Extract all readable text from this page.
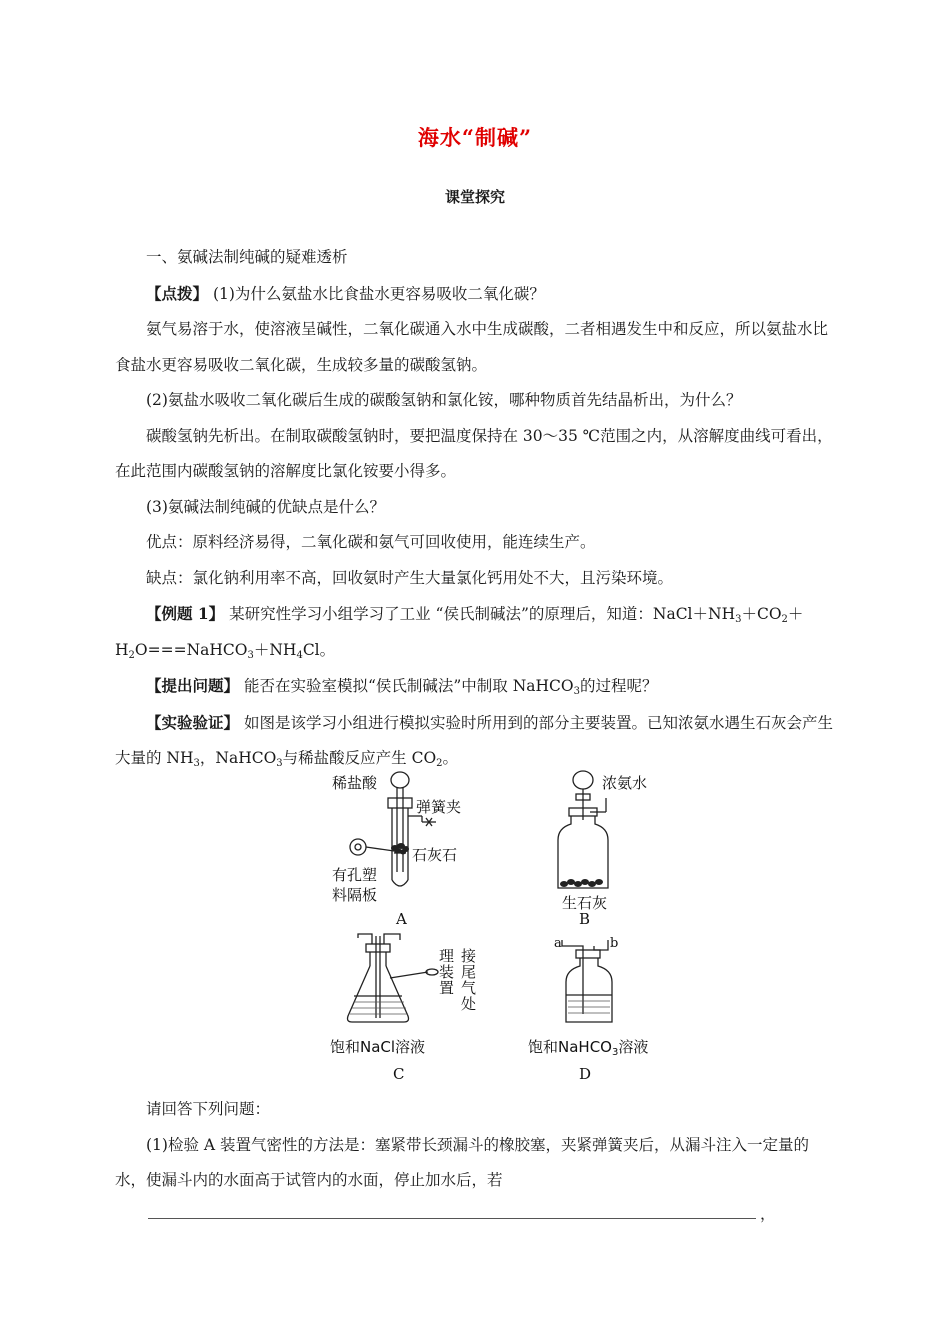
海水“制碱”
课堂探究

一、氨碱法制纯碱的疑难透析

【点拨】 (1)为什么氨盐水比食盐水更容易吸收二氧化碳？

氨气易溶于水，使溶液呈碱性，二氧化碳通入水中生成碳酸，二者相遇发生中和反应，所以氨盐水比食盐水更容易吸收二氧化碳，生成较多量的碳酸氢钠。

(2)氨盐水吸收二氧化碳后生成的碳酸氢钠和氯化铵，哪种物质首先结晶析出，为什么？

碳酸氢钠先析出。在制取碳酸氢钠时，要把温度保持在 30～35 ℃范围之内，从溶解度曲线可看出，在此范围内碳酸氢钠的溶解度比氯化铵要小得多。

(3)氨碱法制纯碱的优缺点是什么？

优点：原料经济易得，二氧化碳和氨气可回收使用，能连续生产。

缺点：氯化钠利用率不高，回收氨时产生大量氯化钙用处不大，且污染环境。

【例题 1】 某研究性学习小组学习了工业 “侯氏制碱法”的原理后，知道：$NaCl+NH_3+CO_2+H_2O===NaHCO_3+NH_4Cl$。

【提出问题】 能否在实验室模拟“侯氏制碱法”中制取 NaHCO$_3$的过程呢？

【实验验证】 如图是该学习小组进行模拟实验时所用到的部分主要装置。已知浓氨水遇生石灰会产生大量的 $NH_3$，NaHCO$_3$与稀盐酸反应产生 $CO_2$。

稀盐酸
弹簧夹
石灰石
有孔塑
料隔板
A
浓氨水
生石灰
B
接尾气处
理装置
饱和NaCl溶液
C
a	b
饱和NaHCO$_3$溶液
D

请回答下列问题：

(1)检验 A 装置气密性的方法是：塞紧带长颈漏斗的橡胶塞，夹紧弹簧夹后，从漏斗注入一定量的水，使漏斗内的水面高于试管内的水面，停止加水后，若

，
